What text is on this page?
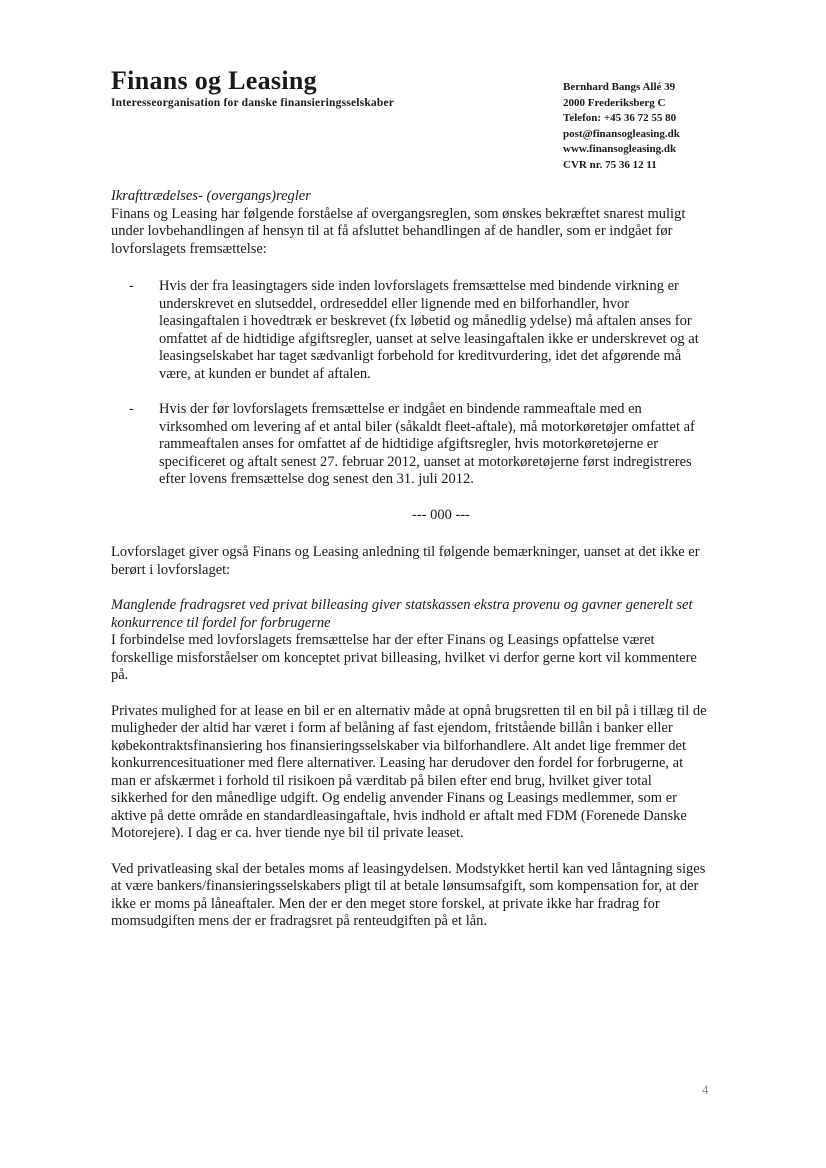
Finans og Leasing
Interesseorganisation for danske finansieringsselskaber
Bernhard Bangs Allé 39
2000 Frederiksberg C
Telefon: +45 36 72 55 80
post@finansogleasing.dk
www.finansogleasing.dk
CVR nr. 75 36 12 11

Ikrafttrædelses- (overgangs)regler

Finans og Leasing har følgende forståelse af overgangsreglen, som ønskes bekræftet snarest muligt under lovbehandlingen af hensyn til at få afsluttet behandlingen af de handler, som er indgået før lovforslagets fremsættelse:

- Hvis der fra leasingtagers side inden lovforslagets fremsættelse med bindende virkning er underskrevet en slutseddel, ordreseddel eller lignende med en bilforhandler, hvor leasingaftalen i hovedtræk er beskrevet (fx løbetid og månedlig ydelse) må aftalen anses for omfattet af de hidtidige afgiftsregler, uanset at selve leasingaftalen ikke er underskrevet og at leasingselskabet har taget sædvanligt forbehold for kreditvurdering, idet det afgørende må være, at kunden er bundet af aftalen.
- Hvis der før lovforslagets fremsættelse er indgået en bindende rammeaftale med en virksomhed om levering af et antal biler (såkaldt fleet-aftale), må motorkøretøjer omfattet af rammeaftalen anses for omfattet af de hidtidige afgiftsregler, hvis motorkøretøjerne er specificeret og aftalt senest 27. februar 2012, uanset at motorkøretøjerne først indregistreres efter lovens fremsættelse dog senest den 31. juli 2012.

--- 000 ---

Lovforslaget giver også Finans og Leasing anledning til følgende bemærkninger, uanset at det ikke er berørt i lovforslaget:

Manglende fradragsret ved privat billeasing giver statskassen ekstra provenu og gavner generelt set konkurrence til fordel for forbrugerne

I forbindelse med lovforslagets fremsættelse har der efter Finans og Leasings opfattelse været forskellige misforståelser om konceptet privat billeasing, hvilket vi derfor gerne kort vil kommentere på.

Privates mulighed for at lease en bil er en alternativ måde at opnå brugsretten til en bil på i tillæg til de muligheder der altid har været i form af belåning af fast ejendom, fritstående billån i banker eller købekontraktsfinansiering hos finansieringsselskaber via bilforhandlere. Alt andet lige fremmer det konkurrencesituationer med flere alternativer. Leasing har derudover den fordel for forbrugerne, at man er afskærmet i forhold til risikoen på værditab på bilen efter end brug, hvilket giver total sikkerhed for den månedlige udgift. Og endelig anvender Finans og Leasings medlemmer, som er aktive på dette område en standardleasingaftale, hvis indhold er aftalt med FDM (Forenede Danske Motorejere). I dag er ca. hver tiende nye bil til private leaset.

Ved privatleasing skal der betales moms af leasingydelsen. Modstykket hertil kan ved låntagning siges at være bankers/finansieringsselskabers pligt til at betale lønsumsafgift, som kompensation for, at der ikke er moms på låneaftaler. Men der er den meget store forskel, at private ikke har fradrag for momsudgiften mens der er fradragsret på renteudgiften på et lån.

4
